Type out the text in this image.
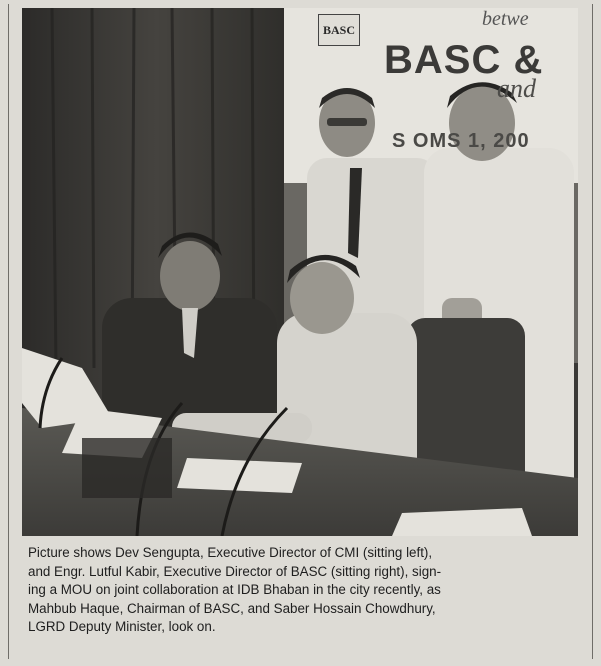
BASC	betwe
BASC &
and
S OMS 1, 200

Picture shows Dev Sengupta, Executive Director of CMI (sitting left),
and Engr. Lutful Kabir, Executive Director of BASC (sitting right), sign-
ing a MOU on joint collaboration at IDB Bhaban in the city recently, as
Mahbub Haque, Chairman of BASC, and Saber Hossain Chowdhury,
LGRD Deputy Minister, look on.
